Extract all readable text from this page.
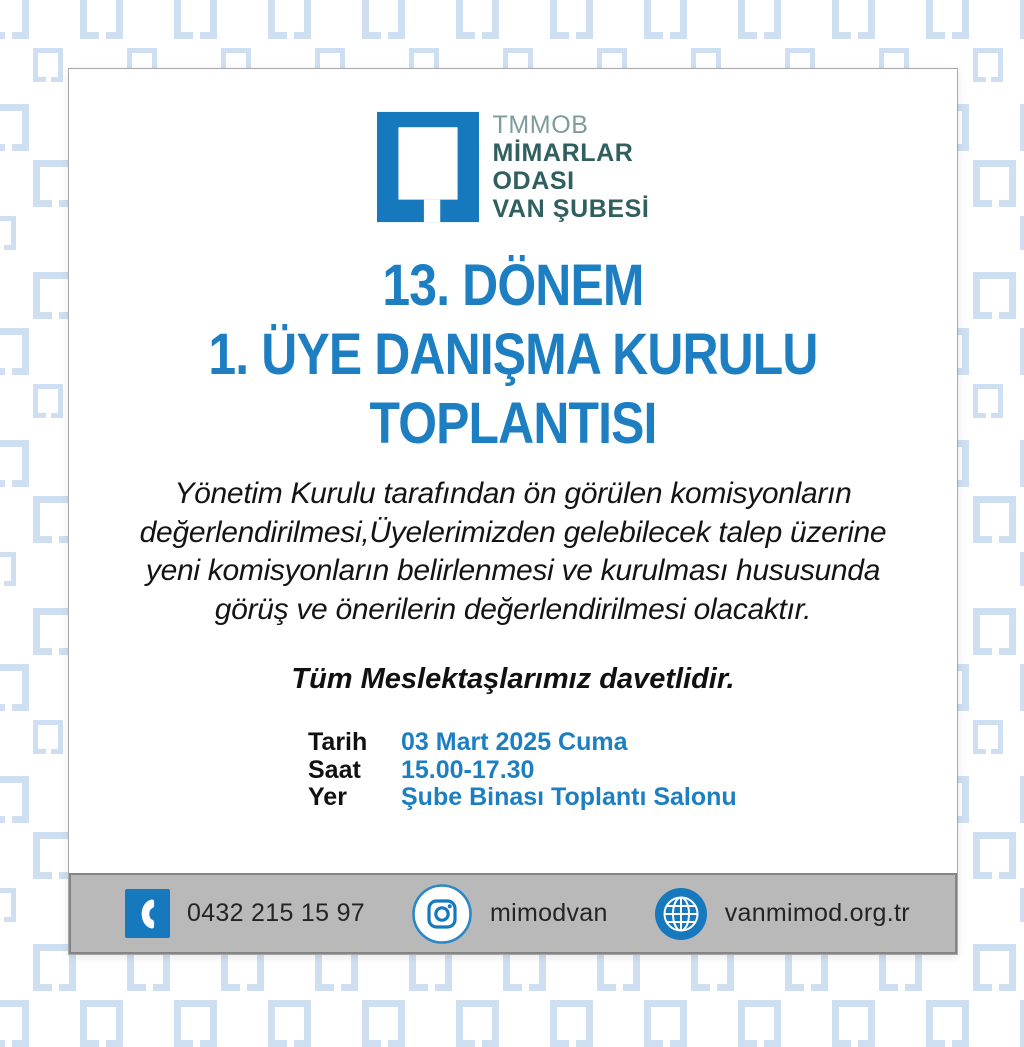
TMMOB
MİMARLAR
ODASI
VAN ŞUBESİ
13. DÖNEM
1. ÜYE DANIŞMA KURULU
TOPLANTISI
Yönetim Kurulu tarafından ön görülen komisyonların
değerlendirilmesi,Üyelerimizden gelebilecek talep üzerine
yeni komisyonların belirlenmesi ve kurulması hususunda
görüş ve önerilerin değerlendirilmesi olacaktır.
Tüm Meslektaşlarımız davetlidir.
Tarih	03 Mart 2025 Cuma
Saat	15.00-17.30
Yer	Şube Binası Toplantı Salonu
0432 215 15 97	mimodvan	vanmimod.org.tr
